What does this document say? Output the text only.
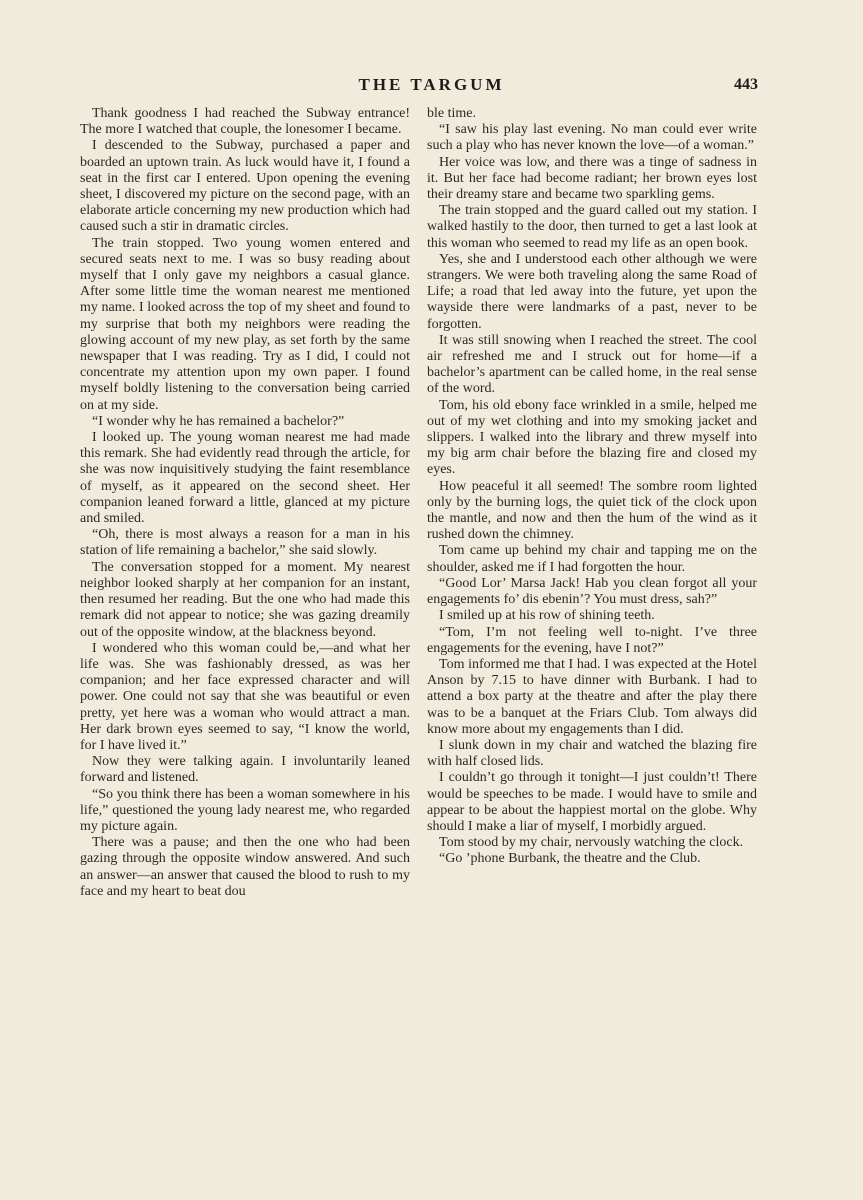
THE TARGUM	443

Thank goodness I had reached the Subway entrance! The more I watched that couple, the lonesomer I became.

I descended to the Subway, purchased a paper and boarded an uptown train. As luck would have it, I found a seat in the first car I entered. Upon opening the evening sheet, I discovered my picture on the second page, with an elaborate article concerning my new production which had caused such a stir in dramatic circles.

The train stopped. Two young women entered and secured seats next to me. I was so busy reading about myself that I only gave my neighbors a casual glance. After some little time the woman nearest me mentioned my name. I looked across the top of my sheet and found to my surprise that both my neighbors were reading the glowing account of my new play, as set forth by the same newspaper that I was reading. Try as I did, I could not concentrate my attention upon my own paper. I found myself boldly listening to the conversation being carried on at my side.

“I wonder why he has remained a bachelor?”

I looked up. The young woman nearest me had made this remark. She had evidently read through the article, for she was now inquisitively studying the faint resemblance of myself, as it appeared on the second sheet. Her companion leaned forward a little, glanced at my picture and smiled.

“Oh, there is most always a reason for a man in his station of life remaining a bachelor,” she said slowly.

The conversation stopped for a moment. My nearest neighbor looked sharply at her companion for an instant, then resumed her reading. But the one who had made this remark did not appear to notice; she was gazing dreamily out of the opposite window, at the blackness beyond.

I wondered who this woman could be,—and what her life was. She was fashionably dressed, as was her companion; and her face expressed character and will power. One could not say that she was beautiful or even pretty, yet here was a woman who would attract a man. Her dark brown eyes seemed to say, “I know the world, for I have lived it.”

Now they were talking again. I involuntarily leaned forward and listened.

“So you think there has been a woman somewhere in his life,” questioned the young lady nearest me, who regarded my picture again.

There was a pause; and then the one who had been gazing through the opposite window answered. And such an answer—an answer that caused the blood to rush to my face and my heart to beat dou

ble time.

“I saw his play last evening. No man could ever write such a play who has never known the love—of a woman.”

Her voice was low, and there was a tinge of sadness in it. But her face had become radiant; her brown eyes lost their dreamy stare and became two sparkling gems.

The train stopped and the guard called out my station. I walked hastily to the door, then turned to get a last look at this woman who seemed to read my life as an open book.

Yes, she and I understood each other although we were strangers. We were both traveling along the same Road of Life; a road that led away into the future, yet upon the wayside there were landmarks of a past, never to be forgotten.

It was still snowing when I reached the street. The cool air refreshed me and I struck out for home—if a bachelor’s apartment can be called home, in the real sense of the word.

Tom, his old ebony face wrinkled in a smile, helped me out of my wet clothing and into my smoking jacket and slippers. I walked into the library and threw myself into my big arm chair before the blazing fire and closed my eyes.

How peaceful it all seemed! The sombre room lighted only by the burning logs, the quiet tick of the clock upon the mantle, and now and then the hum of the wind as it rushed down the chimney.

Tom came up behind my chair and tapping me on the shoulder, asked me if I had forgotten the hour.

“Good Lor’ Marsa Jack! Hab you clean forgot all your engagements fo’ dis ebenin’? You must dress, sah?”

I smiled up at his row of shining teeth.

“Tom, I’m not feeling well to-night. I’ve three engagements for the evening, have I not?”

Tom informed me that I had. I was expected at the Hotel Anson by 7.15 to have dinner with Burbank. I had to attend a box party at the theatre and after the play there was to be a banquet at the Friars Club. Tom always did know more about my engagements than I did.

I slunk down in my chair and watched the blazing fire with half closed lids.

I couldn’t go through it tonight—I just couldn’t! There would be speeches to be made. I would have to smile and appear to be about the happiest mortal on the globe. Why should I make a liar of myself, I morbidly argued.

Tom stood by my chair, nervously watching the clock.

“Go ’phone Burbank, the theatre and the Club.
